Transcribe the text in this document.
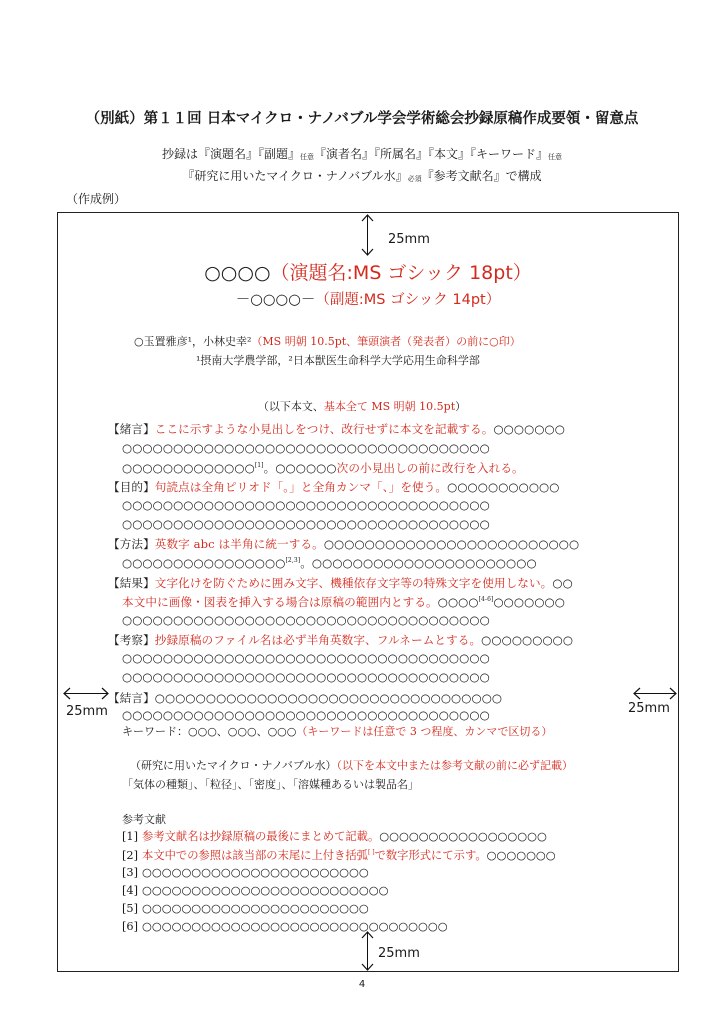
（別紙）第１１回 日本マイクロ・ナノバブル学会学術総会抄録原稿作成要領・留意点
抄録は『演題名』『副題』任意『演者名』『所属名』『本文』『キーワード』任意
『研究に用いたマイクロ・ナノバブル水』必須『参考文献名』で構成
（作成例）
25mm
25mm
25mm	25mm
○○○○（演題名:MS ゴシック 18pt）
－○○○○－（副題:MS ゴシック 14pt）
○玉置雅彦¹，小林史幸²（MS 明朝 10.5pt、筆頭演者（発表者）の前に○印）
¹摂南大学農学部，²日本獣医生命科学大学応用生命科学部
（以下本文、基本全て MS 明朝 10.5pt）
【緒言】ここに示すような小見出しをつけ、改行せずに本文を記載する。○○○○○○○
○○○○○○○○○○○○○○○○○○○○○○○○○○○○○○○○○○○○
○○○○○○○○○○○○○[1]。○○○○○○次の小見出しの前に改行を入れる。
【目的】句読点は全角ピリオド「。」と全角カンマ「、」を使う。○○○○○○○○○○○
○○○○○○○○○○○○○○○○○○○○○○○○○○○○○○○○○○○○
○○○○○○○○○○○○○○○○○○○○○○○○○○○○○○○○○○○○
【方法】英数字 abc は半角に統一する。○○○○○○○○○○○○○○○○○○○○○○○○○
○○○○○○○○○○○○○○○○[2,3]。○○○○○○○○○○○○○○○○○○○○○○
【結果】文字化けを防ぐために囲み文字、機種依存文字等の特殊文字を使用しない。○○
本文中に画像・図表を挿入する場合は原稿の範囲内とする。○○○○[4-6]○○○○○○○
○○○○○○○○○○○○○○○○○○○○○○○○○○○○○○○○○○○○
【考察】抄録原稿のファイル名は必ず半角英数字、フルネームとする。○○○○○○○○○
○○○○○○○○○○○○○○○○○○○○○○○○○○○○○○○○○○○○
○○○○○○○○○○○○○○○○○○○○○○○○○○○○○○○○○○○○
【結言】○○○○○○○○○○○○○○○○○○○○○○○○○○○○○○○○○○
○○○○○○○○○○○○○○○○○○○○○○○○○○○○○○○○○○○○
キーワード：○○○、○○○、○○○（キーワードは任意で 3 つ程度、カンマで区切る）
（研究に用いたマイクロ・ナノバブル水）（以下を本文中または参考文献の前に必ず記載）
「気体の種類」、「粒径」、「密度」、「溶媒種あるいは製品名」
参考文献
[1] 参考文献名は抄録原稿の最後にまとめて記載。○○○○○○○○○○○○○○○○○
[2] 本文中での参照は該当部の末尾に上付き括弧[ ]で数字形式にて示す。○○○○○○○
[3] ○○○○○○○○○○○○○○○○○○○○○○○
[4] ○○○○○○○○○○○○○○○○○○○○○○○○○
[5] ○○○○○○○○○○○○○○○○○○○○○○○
[6] ○○○○○○○○○○○○○○○○○○○○○○○○○○○○○○○
4
